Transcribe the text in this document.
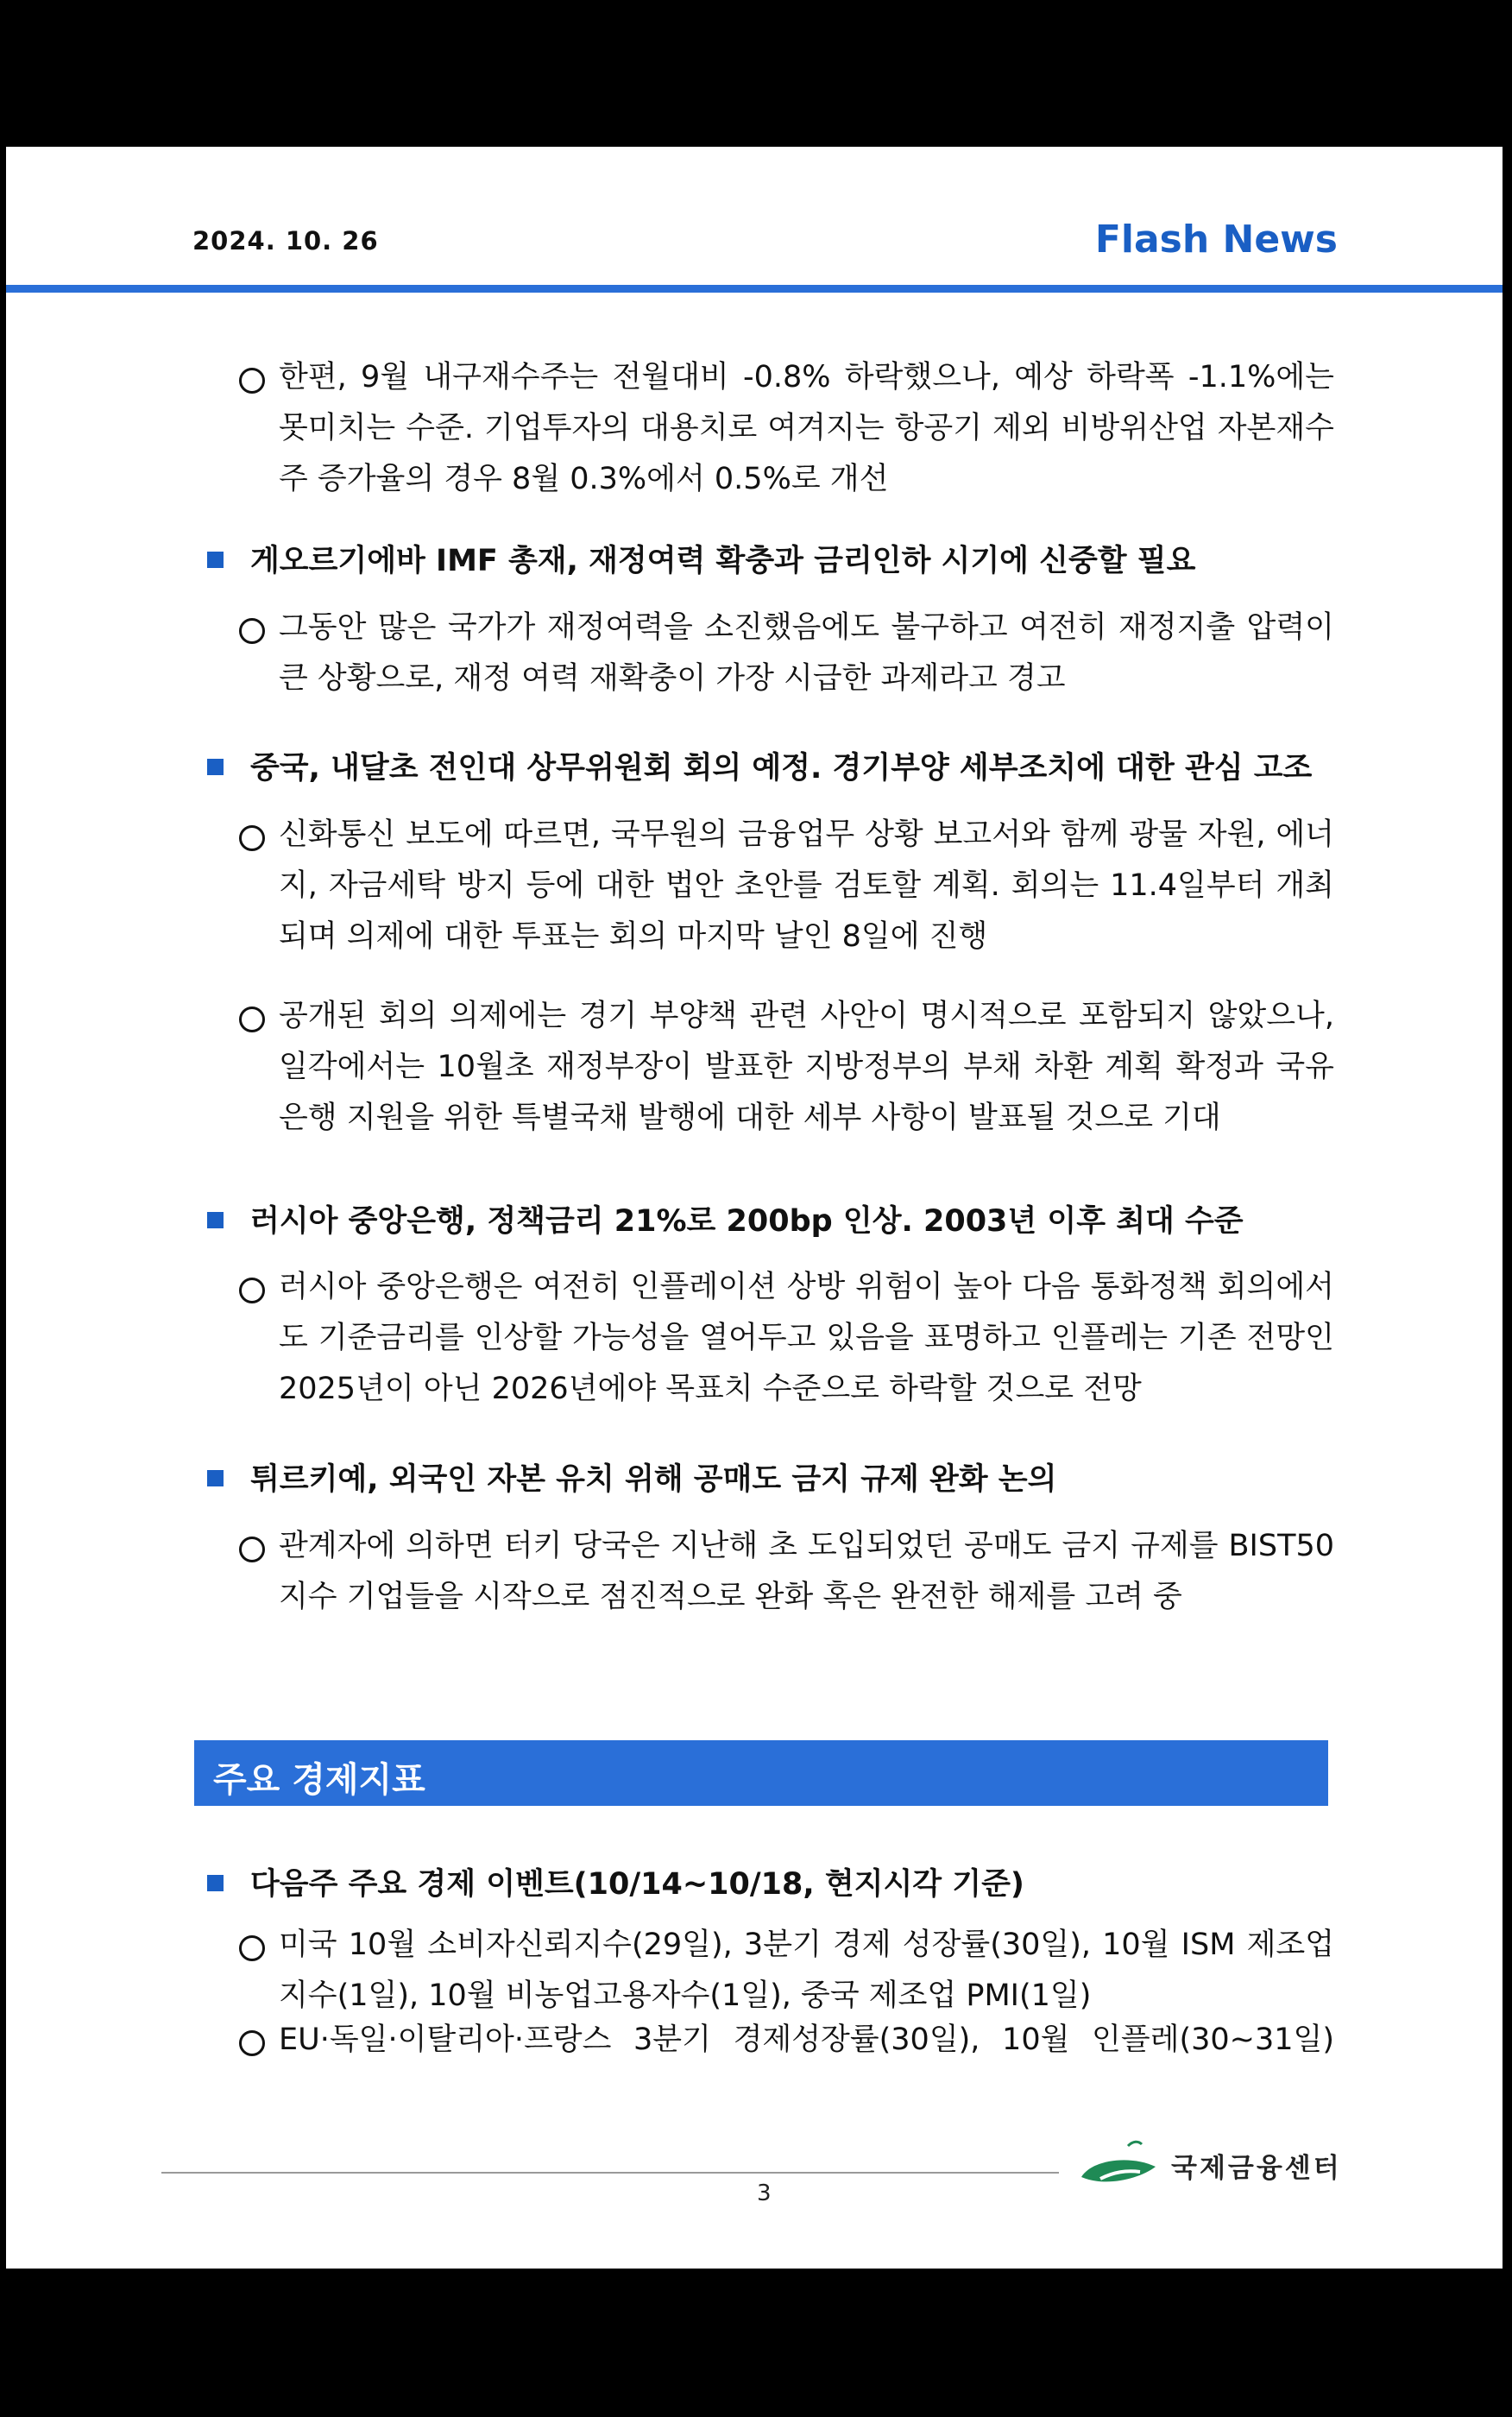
2024. 10. 26	Flash News
한편, 9월 내구재수주는 전월대비 -0.8% 하락했으나, 예상 하락폭 -1.1%에는 못미치는 수준. 기업투자의 대용치로 여겨지는 항공기 제외 비방위산업 자본재수주 증가율의 경우 8월 0.3%에서 0.5%로 개선
게오르기에바 IMF 총재, 재정여력 확충과 금리인하 시기에 신중할 필요
그동안 많은 국가가 재정여력을 소진했음에도 불구하고 여전히 재정지출 압력이 큰 상황으로, 재정 여력 재확충이 가장 시급한 과제라고 경고
중국, 내달초 전인대 상무위원회 회의 예정. 경기부양 세부조치에 대한 관심 고조
신화통신 보도에 따르면, 국무원의 금융업무 상황 보고서와 함께 광물 자원, 에너지, 자금세탁 방지 등에 대한 법안 초안를 검토할 계획. 회의는 11.4일부터 개최되며 의제에 대한 투표는 회의 마지막 날인 8일에 진행
공개된 회의 의제에는 경기 부양책 관련 사안이 명시적으로 포함되지 않았으나, 일각에서는 10월초 재정부장이 발표한 지방정부의 부채 차환 계획 확정과 국유은행 지원을 위한 특별국채 발행에 대한 세부 사항이 발표될 것으로 기대
러시아 중앙은행, 정책금리 21%로 200bp 인상. 2003년 이후 최대 수준
러시아 중앙은행은 여전히 인플레이션 상방 위험이 높아 다음 통화정책 회의에서도 기준금리를 인상할 가능성을 열어두고 있음을 표명하고 인플레는 기존 전망인 2025년이 아닌 2026년에야 목표치 수준으로 하락할 것으로 전망
튀르키예, 외국인 자본 유치 위해 공매도 금지 규제 완화 논의
관계자에 의하면 터키 당국은 지난해 초 도입되었던 공매도 금지 규제를 BIST50지수 기업들을 시작으로 점진적으로 완화 혹은 완전한 해제를 고려 중
주요 경제지표
다음주 주요 경제 이벤트(10/14~10/18, 현지시각 기준)
미국 10월 소비자신뢰지수(29일), 3분기 경제 성장률(30일), 10월 ISM 제조업지수(1일), 10월 비농업고용자수(1일), 중국 제조업 PMI(1일)
EU·독일·이탈리아·프랑스 3분기 경제성장률(30일), 10월 인플레(30~31일)
국제금융센터
3
